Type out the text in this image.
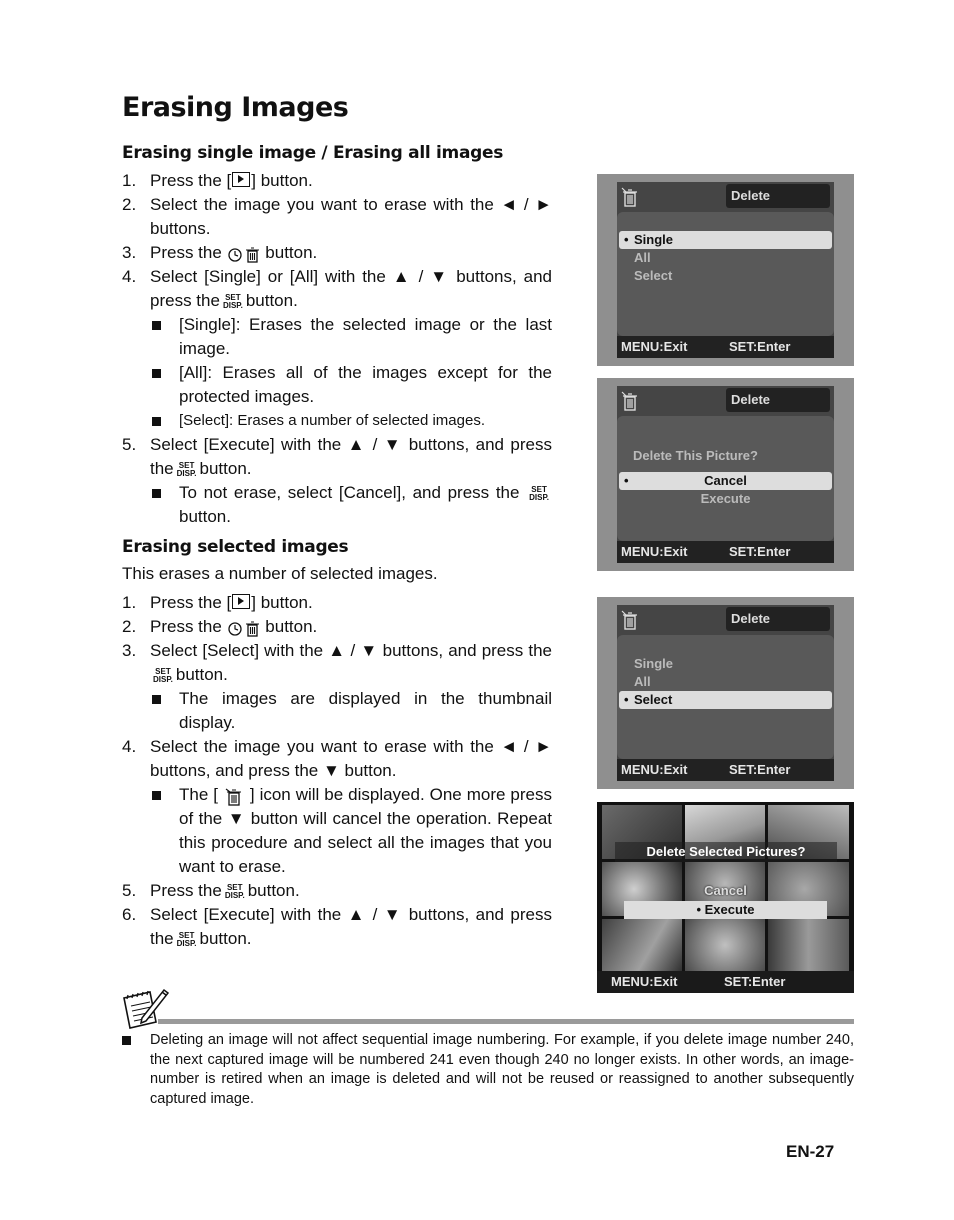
Erasing Images
Erasing single image / Erasing all images
1. Press the [ ] button.
2. Select the image you want to erase with the ◄ / ► buttons.
3. Press the	button.
4. Select [Single] or [All] with the ▲ / ▼ buttons, and press the SET
DISP. button.
[Single]: Erases the selected image or the last image.
[All]: Erases all of the images except for the protected images.
[Select]: Erases a number of selected images.
5. Select [Execute] with the ▲ / ▼ buttons, and press the SET
DISP. button.
To not erase, select [Cancel], and press the SET
DISP.
button.
Erasing selected images
This erases a number of selected images.
1. Press the [ ] button.
2. Press the	button.
3. Select [Select] with the ▲ / ▼ buttons, and press the
SET
DISP. button.
The images are displayed in the thumbnail display.
4. Select the image you want to erase with the ◄ / ► buttons, and press the ▼ button.
The [ ] icon will be displayed. One more press of the ▼ button will cancel the operation. Repeat this procedure and select all the images that you want to erase.
5. Press the SET
DISP. button.
6. Select [Execute] with the ▲ / ▼ buttons, and press the SET
DISP. button.
Delete
• Single
All
Select
MENU:Exit	SET:Enter
Delete
Delete This Picture?
• Cancel
Execute
MENU:Exit	SET:Enter
Delete
Single
All
• Select
MENU:Exit	SET:Enter
Delete Selected Pictures?
Cancel
• Execute
MENU:Exit	SET:Enter
Deleting an image will not affect sequential image numbering. For example, if you delete image number 240, the next captured image will be numbered 241 even though 240 no longer exists. In other words, an image-number is retired when an image is deleted and will not be reused or reassigned to another subsequently captured image.
EN-27
